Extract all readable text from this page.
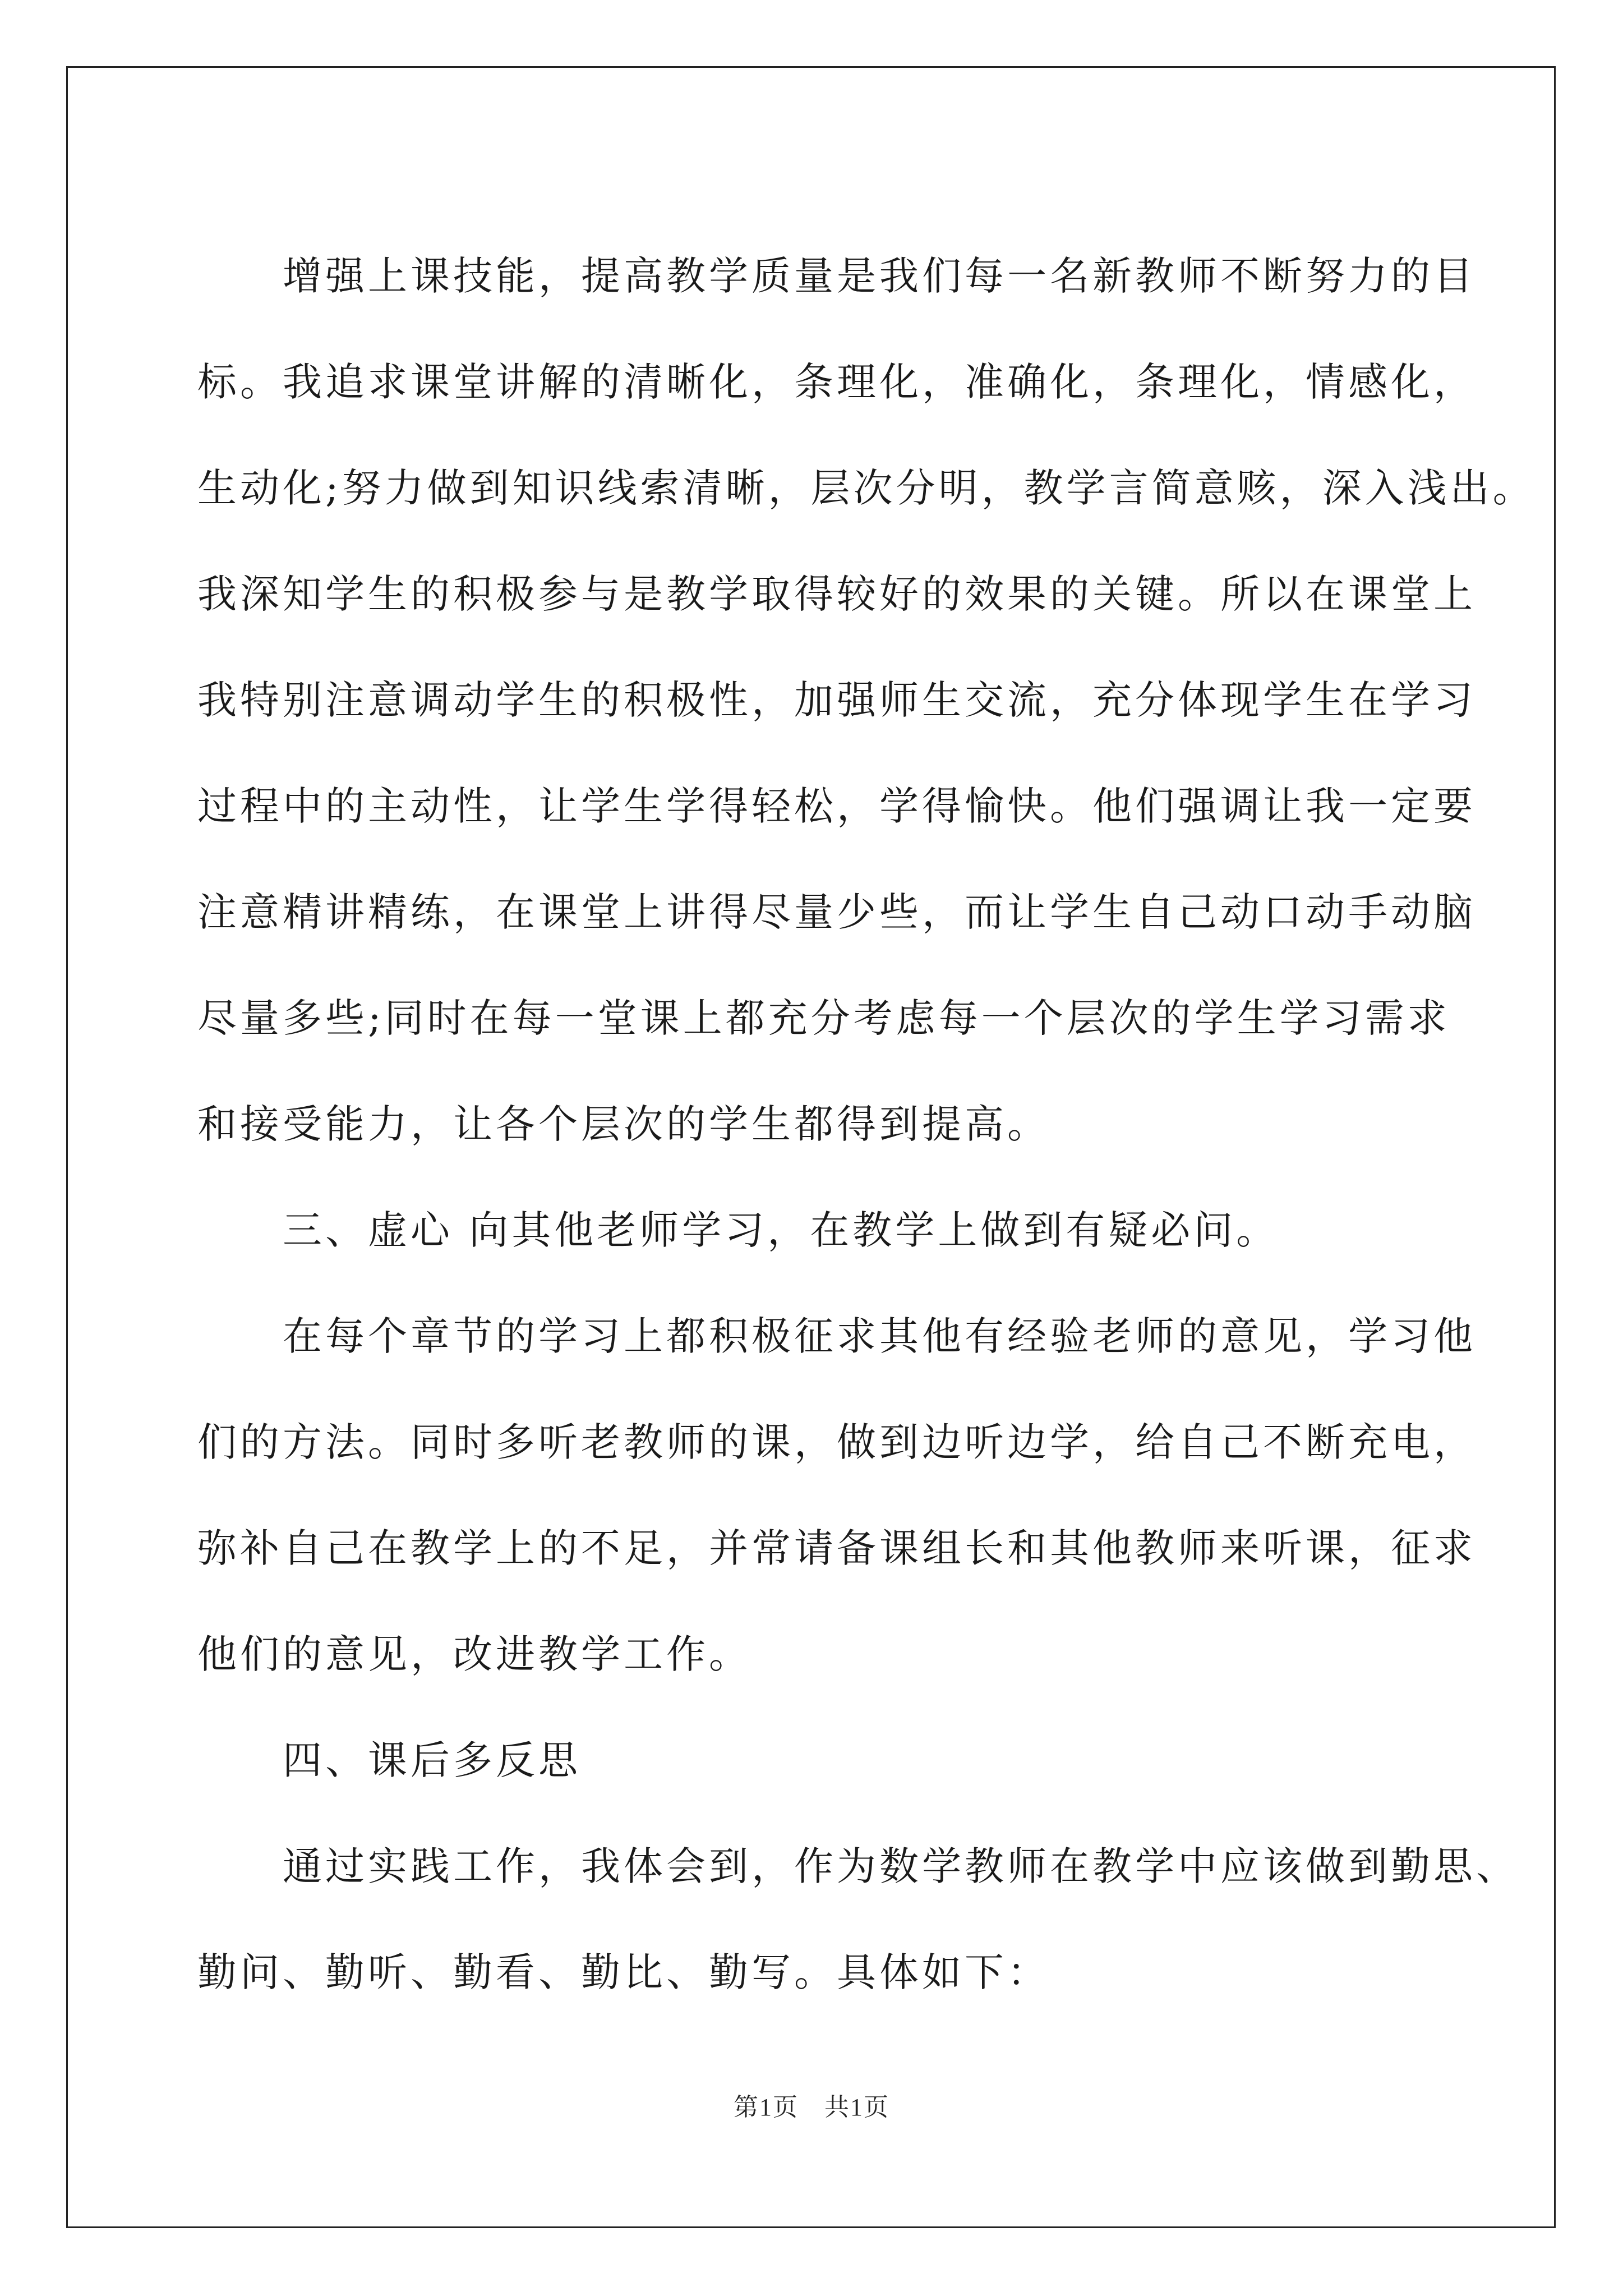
　　增强上课技能，提高教学质量是我们每一名新教师不断努力的目
标。我追求课堂讲解的清晰化，条理化，准确化，条理化，情感化，
生动化;努力做到知识线索清晰，层次分明，教学言简意赅，深入浅出。
我深知学生的积极参与是教学取得较好的效果的关键。所以在课堂上
我特别注意调动学生的积极性，加强师生交流，充分体现学生在学习
过程中的主动性，让学生学得轻松，学得愉快。他们强调让我一定要
注意精讲精练，在课堂上讲得尽量少些，而让学生自己动口动手动脑
尽量多些;同时在每一堂课上都充分考虑每一个层次的学生学习需求
和接受能力，让各个层次的学生都得到提高。
　　三、虚心 向其他老师学习，在教学上做到有疑必问。
　　在每个章节的学习上都积极征求其他有经验老师的意见，学习他
们的方法。同时多听老教师的课，做到边听边学，给自己不断充电，
弥补自己在教学上的不足，并常请备课组长和其他教师来听课，征求
他们的意见，改进教学工作。
　　四、课后多反思
　　通过实践工作，我体会到，作为数学教师在教学中应该做到勤思、
勤问、勤听、勤看、勤比、勤写。具体如下：
第1页　共1页
